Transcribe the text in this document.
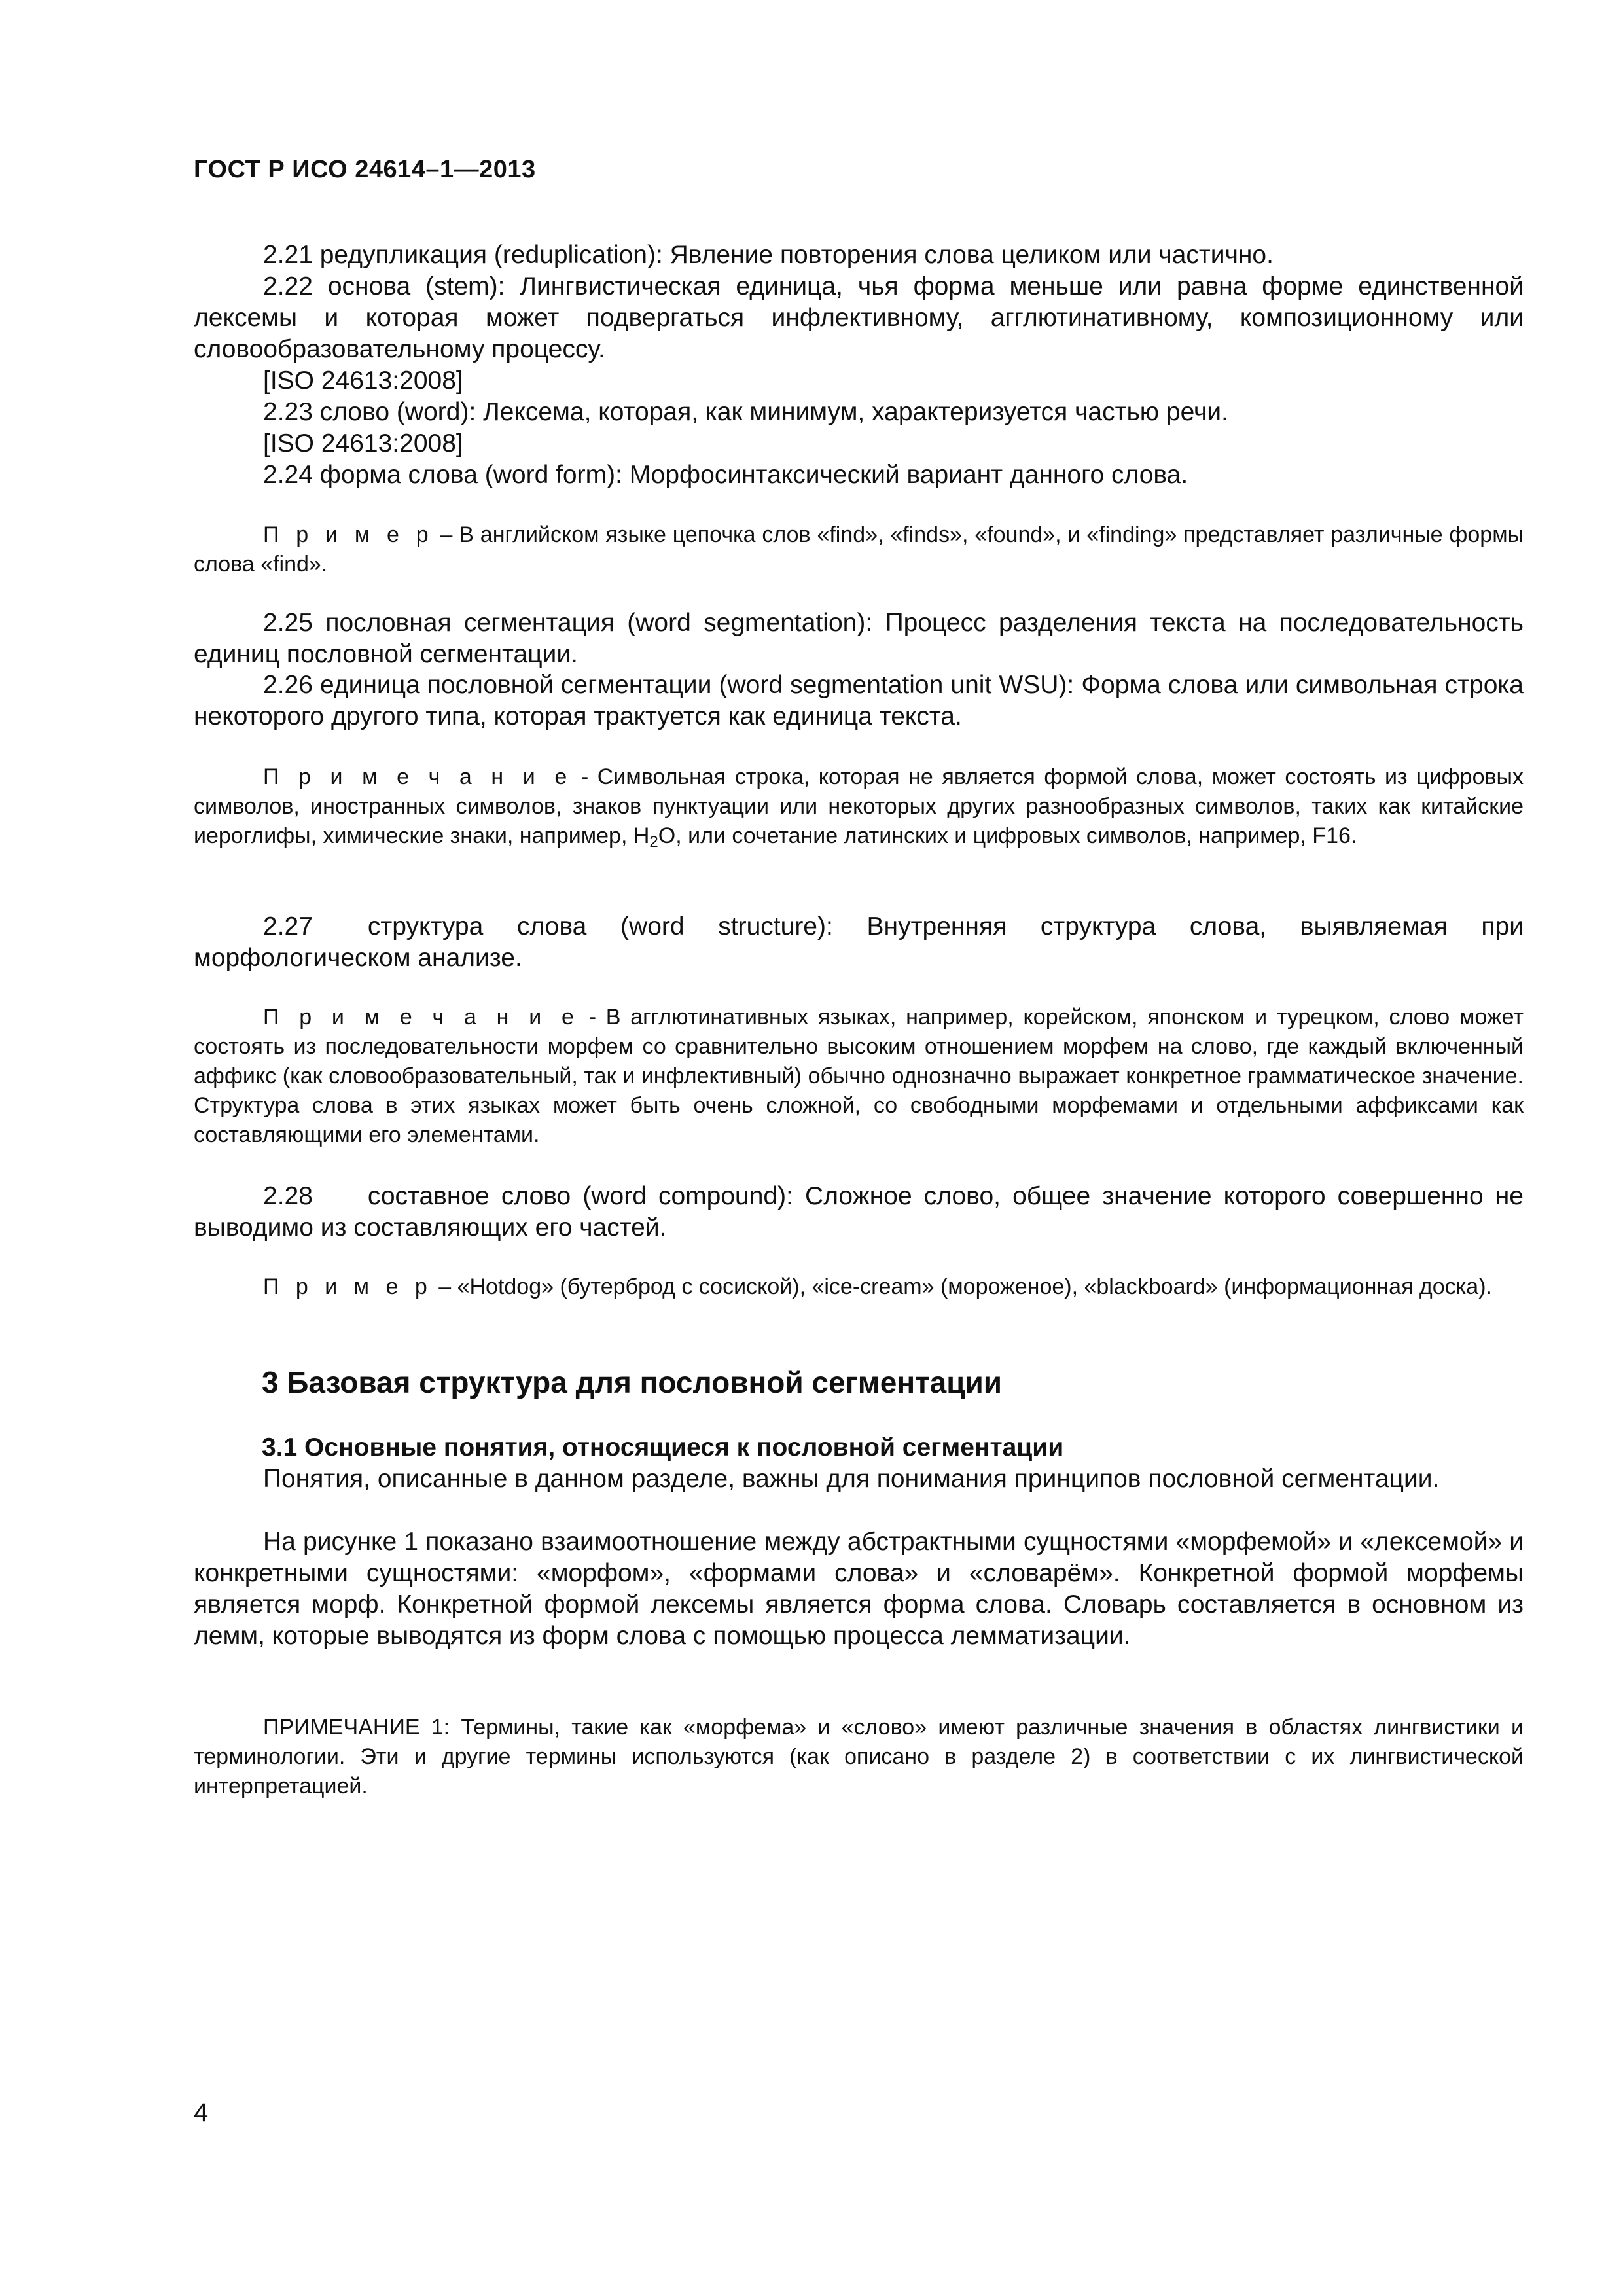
ГОСТ Р ИСО 24614–1—2013
2.21 редупликация (reduplication): Явление повторения слова целиком или частично.
2.22 основа (stem): Лингвистическая единица, чья форма меньше или равна форме единственной лексемы и которая может подвергаться инфлективному, агглютинативному, композиционному или словообразовательному процессу.
[ISO 24613:2008]
2.23 слово (word): Лексема, которая, как минимум, характеризуется частью речи.
[ISO 24613:2008]
2.24 форма слова (word form): Морфосинтаксический вариант данного слова.
П р и м е р – В английском языке цепочка слов «find», «finds», «found», и «finding» представляет различные формы слова «find».
2.25 пословная сегментация (word segmentation): Процесс разделения текста на последовательность единиц пословной сегментации.
2.26 единица пословной сегментации (word segmentation unit WSU): Форма слова или символьная строка некоторого другого типа, которая трактуется как единица текста.
П р и м е ч а н и е - Символьная строка, которая не является формой слова, может состоять из цифровых символов, иностранных символов, знаков пунктуации или некоторых других разнообразных символов, таких как китайские иероглифы, химические знаки, например, $H_2O$, или сочетание латинских и цифровых символов, например, F16.
2.27 структура слова (word structure): Внутренняя структура слова, выявляемая при морфологическом анализе.
П р и м е ч а н и е - В агглютинативных языках, например, корейском, японском и турецком, слово может состоять из последовательности морфем со сравнительно высоким отношением морфем на слово, где каждый включенный аффикс (как словообразовательный, так и инфлективный) обычно однозначно выражает конкретное грамматическое значение. Структура слова в этих языках может быть очень сложной, со свободными морфемами и отдельными аффиксами как составляющими его элементами.
2.28 составное слово (word compound): Сложное слово, общее значение которого совершенно не выводимо из составляющих его частей.
П р и м е р – «Hotdog» (бутерброд с сосиской), «ice-cream» (мороженое), «blackboard» (информационная доска).
3 Базовая структура для пословной сегментации
3.1 Основные понятия, относящиеся к пословной сегментации
Понятия, описанные в данном разделе, важны для понимания принципов пословной сегментации.
На рисунке 1 показано взаимоотношение между абстрактными сущностями «морфемой» и «лексемой» и конкретными сущностями: «морфом», «формами слова» и «словарём». Конкретной формой морфемы является морф. Конкретной формой лексемы является форма слова. Словарь составляется в основном из лемм, которые выводятся из форм слова с помощью процесса лемматизации.
ПРИМЕЧАНИЕ 1: Термины, такие как «морфема» и «слово» имеют различные значения в областях лингвистики и терминологии. Эти и другие термины используются (как описано в разделе 2) в соответствии с их лингвистической интерпретацией.
4
